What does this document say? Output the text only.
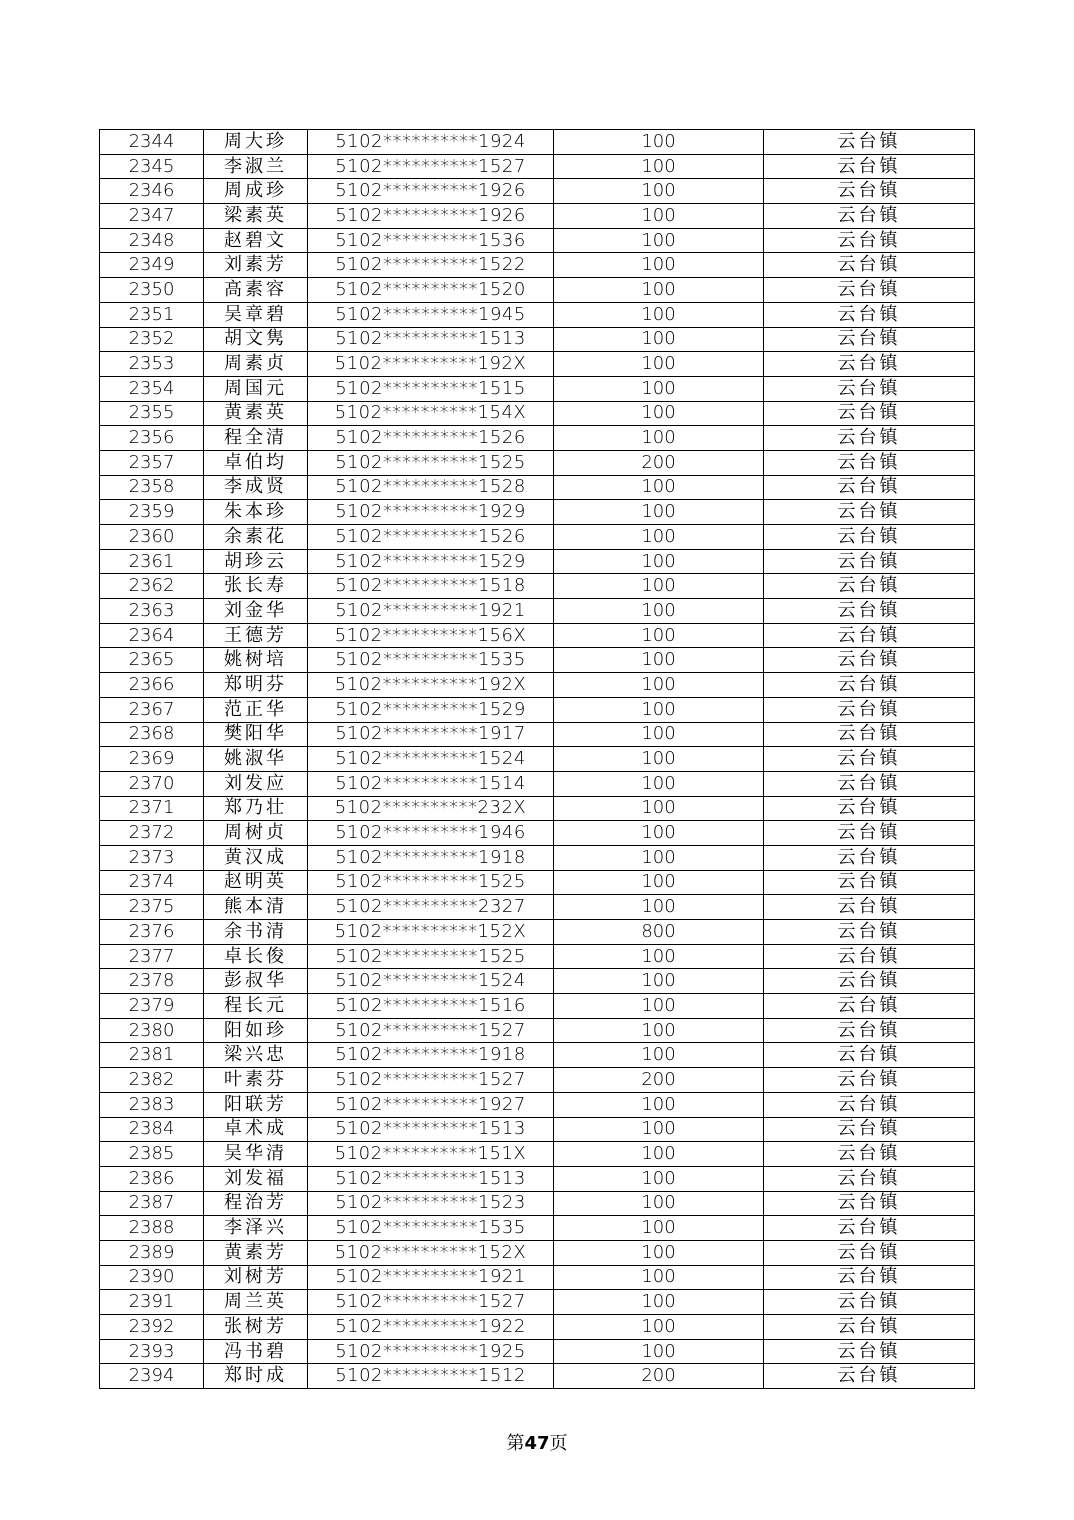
2344	周大珍	5102**********1924	100	云台镇
2345	李淑兰	5102**********1527	100	云台镇
2346	周成珍	5102**********1926	100	云台镇
2347	梁素英	5102**********1926	100	云台镇
2348	赵碧文	5102**********1536	100	云台镇
2349	刘素芳	5102**********1522	100	云台镇
2350	高素容	5102**********1520	100	云台镇
2351	吴章碧	5102**********1945	100	云台镇
2352	胡文隽	5102**********1513	100	云台镇
2353	周素贞	5102**********192X	100	云台镇
2354	周国元	5102**********1515	100	云台镇
2355	黄素英	5102**********154X	100	云台镇
2356	程全清	5102**********1526	100	云台镇
2357	卓伯均	5102**********1525	200	云台镇
2358	李成贤	5102**********1528	100	云台镇
2359	朱本珍	5102**********1929	100	云台镇
2360	余素花	5102**********1526	100	云台镇
2361	胡珍云	5102**********1529	100	云台镇
2362	张长寿	5102**********1518	100	云台镇
2363	刘金华	5102**********1921	100	云台镇
2364	王德芳	5102**********156X	100	云台镇
2365	姚树培	5102**********1535	100	云台镇
2366	郑明芬	5102**********192X	100	云台镇
2367	范正华	5102**********1529	100	云台镇
2368	樊阳华	5102**********1917	100	云台镇
2369	姚淑华	5102**********1524	100	云台镇
2370	刘发应	5102**********1514	100	云台镇
2371	郑乃壮	5102**********232X	100	云台镇
2372	周树贞	5102**********1946	100	云台镇
2373	黄汉成	5102**********1918	100	云台镇
2374	赵明英	5102**********1525	100	云台镇
2375	熊本清	5102**********2327	100	云台镇
2376	余书清	5102**********152X	800	云台镇
2377	卓长俊	5102**********1525	100	云台镇
2378	彭叔华	5102**********1524	100	云台镇
2379	程长元	5102**********1516	100	云台镇
2380	阳如珍	5102**********1527	100	云台镇
2381	梁兴忠	5102**********1918	100	云台镇
2382	叶素芬	5102**********1527	200	云台镇
2383	阳联芳	5102**********1927	100	云台镇
2384	卓术成	5102**********1513	100	云台镇
2385	吴华清	5102**********151X	100	云台镇
2386	刘发福	5102**********1513	100	云台镇
2387	程治芳	5102**********1523	100	云台镇
2388	李泽兴	5102**********1535	100	云台镇
2389	黄素芳	5102**********152X	100	云台镇
2390	刘树芳	5102**********1921	100	云台镇
2391	周兰英	5102**********1527	100	云台镇
2392	张树芳	5102**********1922	100	云台镇
2393	冯书碧	5102**********1925	100	云台镇
2394	郑时成	5102**********1512	200	云台镇
第47页
